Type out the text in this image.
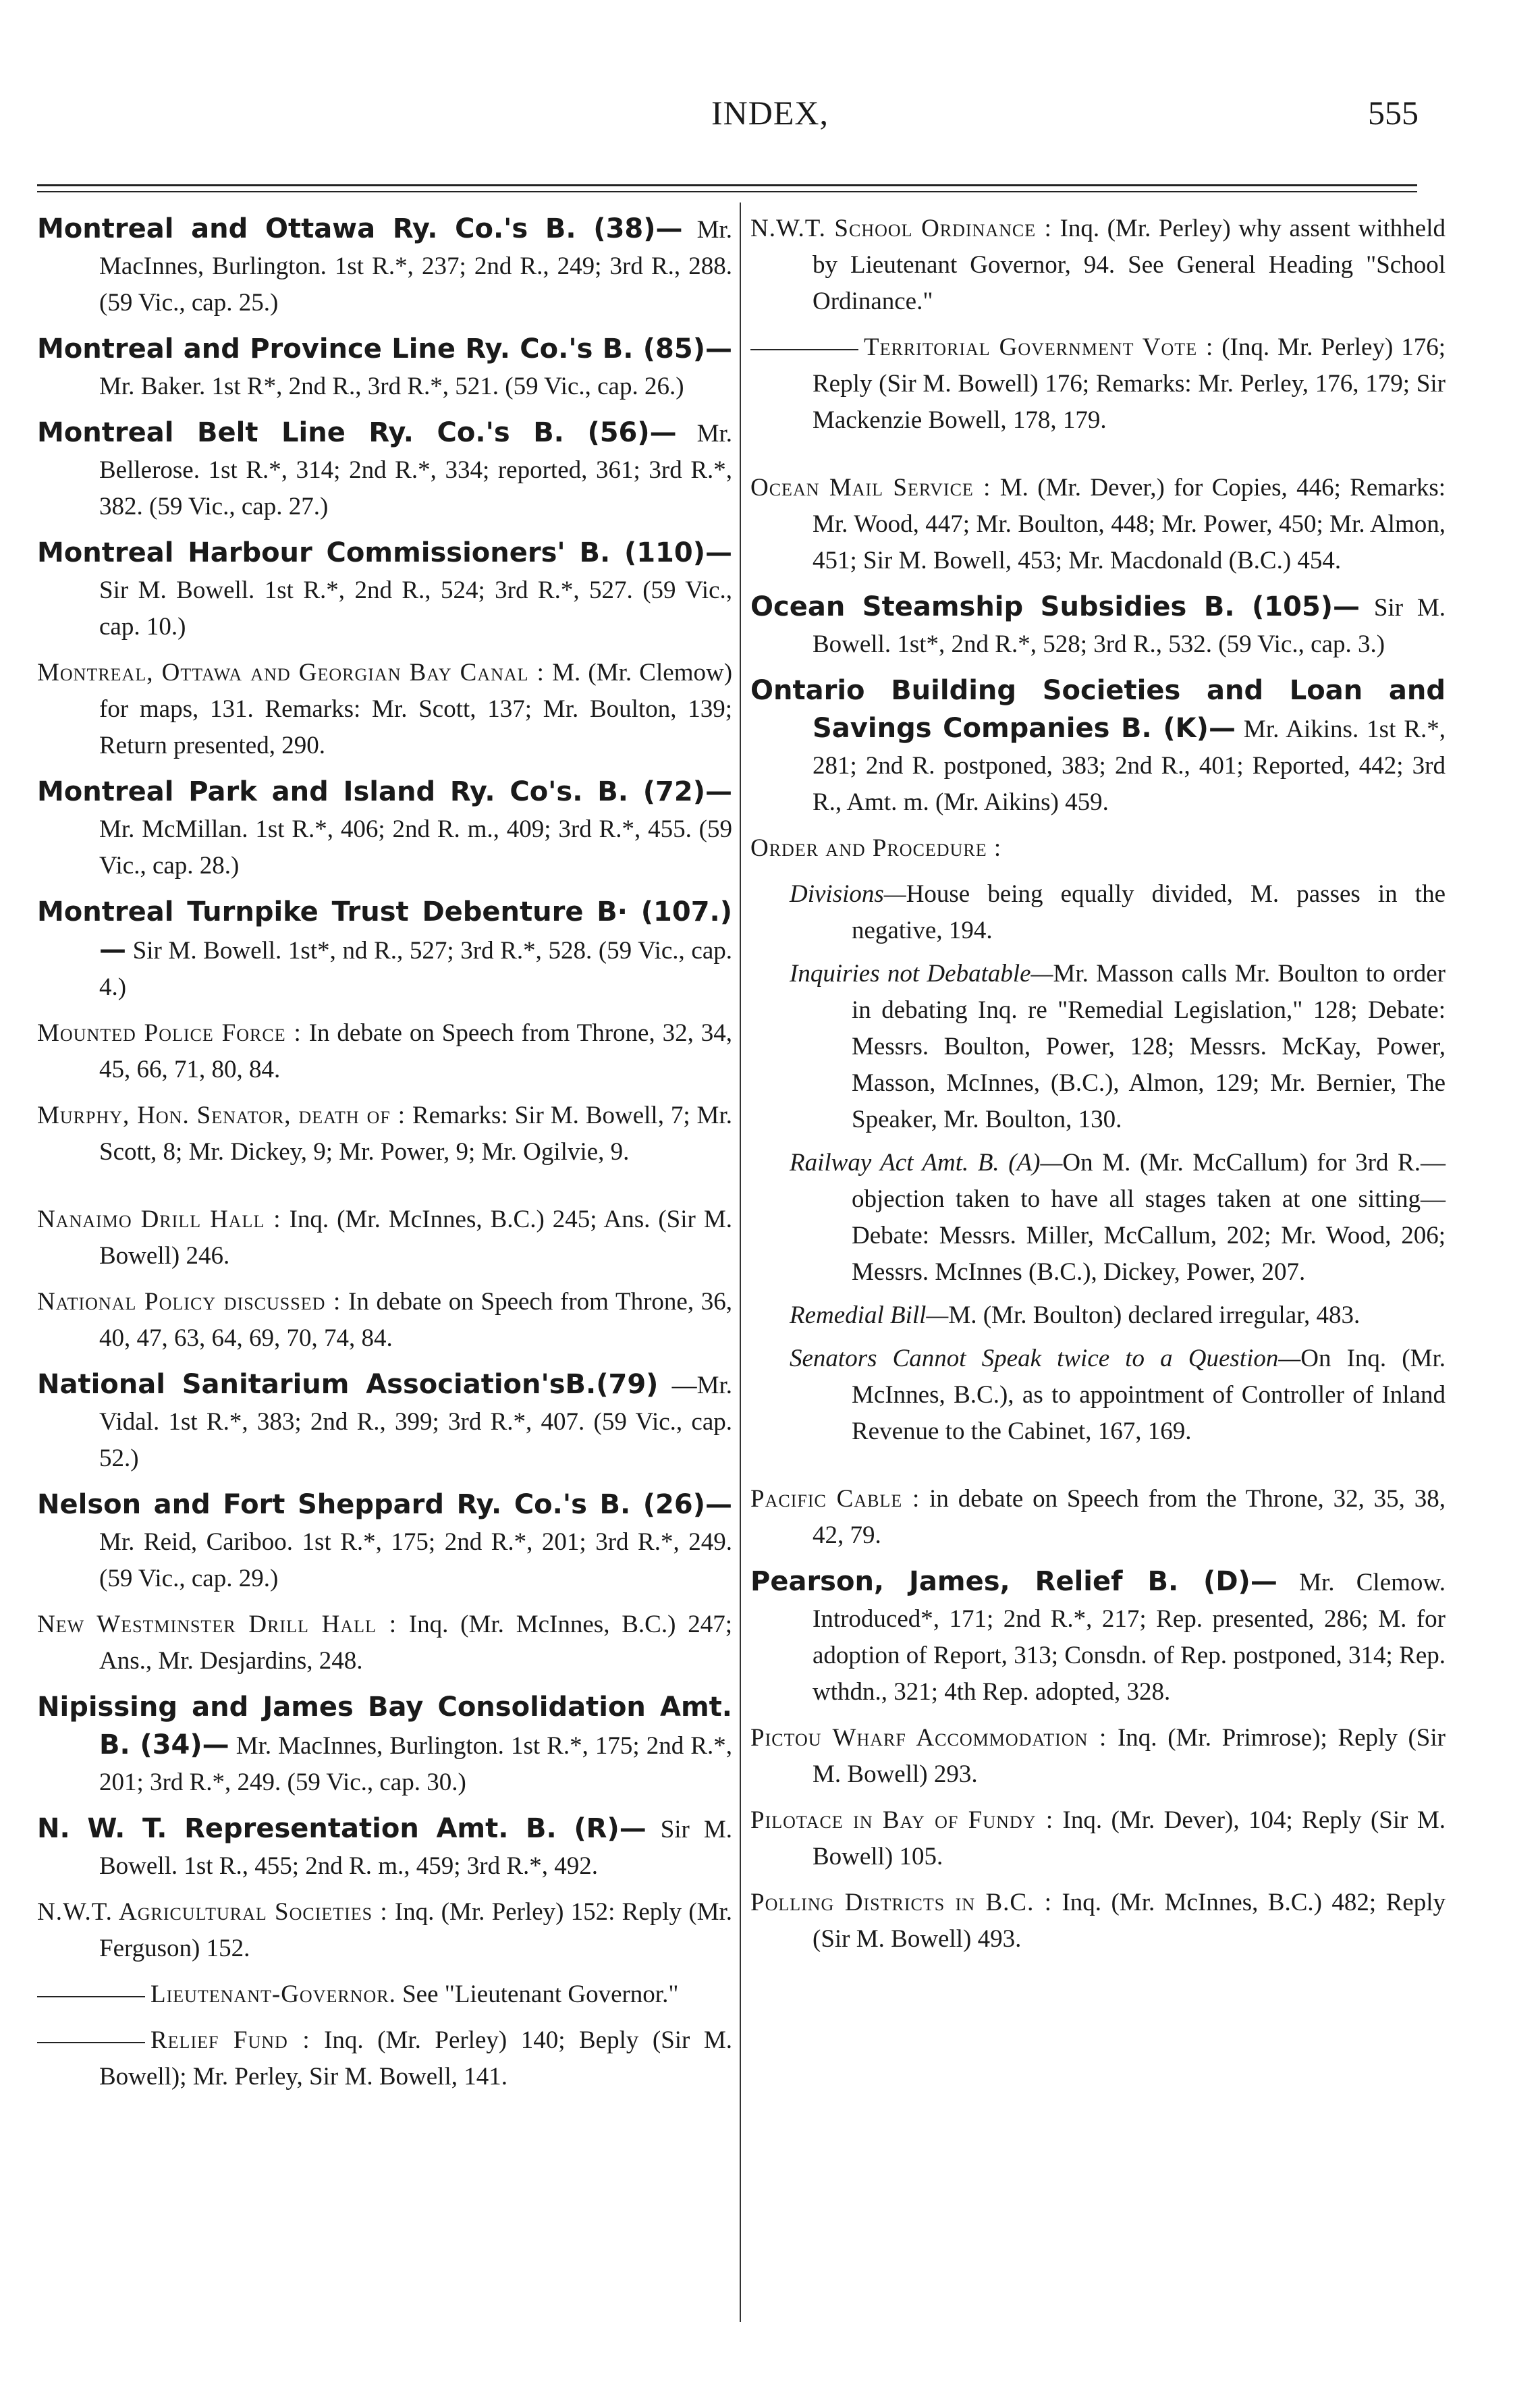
INDEX,	555
Montreal and Ottawa Ry. Co.'s B. (38)— Mr. MacInnes, Burlington. 1st R.*, 237; 2nd R., 249; 3rd R., 288. (59 Vic., cap. 25.)
Montreal and Province Line Ry. Co.'s B. (85)— Mr. Baker. 1st R*, 2nd R., 3rd R.*, 521. (59 Vic., cap. 26.)
Montreal Belt Line Ry. Co.'s B. (56)— Mr. Bellerose. 1st R.*, 314; 2nd R.*, 334; reported, 361; 3rd R.*, 382. (59 Vic., cap. 27.)
Montreal Harbour Commissioners' B. (110)— Sir M. Bowell. 1st R.*, 2nd R., 524; 3rd R.*, 527. (59 Vic., cap. 10.)
Montreal, Ottawa and Georgian Bay Canal : M. (Mr. Clemow) for maps, 131. Remarks: Mr. Scott, 137; Mr. Boulton, 139; Return presented, 290.
Montreal Park and Island Ry. Co's. B. (72)— Mr. McMillan. 1st R.*, 406; 2nd R. m., 409; 3rd R.*, 455. (59 Vic., cap. 28.)
Montreal Turnpike Trust Debenture B· (107.)— Sir M. Bowell. 1st*, nd R., 527; 3rd R.*, 528. (59 Vic., cap. 4.)
Mounted Police Force : In debate on Speech from Throne, 32, 34, 45, 66, 71, 80, 84.
Murphy, Hon. Senator, death of : Remarks: Sir M. Bowell, 7; Mr. Scott, 8; Mr. Dickey, 9; Mr. Power, 9; Mr. Ogilvie, 9.
Nanaimo Drill Hall : Inq. (Mr. McInnes, B.C.) 245; Ans. (Sir M. Bowell) 246.
National Policy discussed : In debate on Speech from Throne, 36, 40, 47, 63, 64, 69, 70, 74, 84.
National Sanitarium Association'sB.(79) —Mr. Vidal. 1st R.*, 383; 2nd R., 399; 3rd R.*, 407. (59 Vic., cap. 52.)
Nelson and Fort Sheppard Ry. Co.'s B. (26)— Mr. Reid, Cariboo. 1st R.*, 175; 2nd R.*, 201; 3rd R.*, 249. (59 Vic., cap. 29.)
New Westminster Drill Hall : Inq. (Mr. McInnes, B.C.) 247; Ans., Mr. Desjardins, 248.
Nipissing and James Bay Consolidation Amt. B. (34)— Mr. MacInnes, Burlington. 1st R.*, 175; 2nd R.*, 201; 3rd R.*, 249. (59 Vic., cap. 30.)
N. W. T. Representation Amt. B. (R)— Sir M. Bowell. 1st R., 455; 2nd R. m., 459; 3rd R.*, 492.
N.W.T. Agricultural Societies : Inq. (Mr. Perley) 152: Reply (Mr. Ferguson) 152.
Lieutenant-Governor. See "Lieutenant Governor."
Relief Fund : Inq. (Mr. Perley) 140; Beply (Sir M. Bowell); Mr. Perley, Sir M. Bowell, 141.
N.W.T. School Ordinance : Inq. (Mr. Perley) why assent withheld by Lieutenant Governor, 94. See General Heading "School Ordinance."
Territorial Government Vote : (Inq. Mr. Perley) 176; Reply (Sir M. Bowell) 176; Remarks: Mr. Perley, 176, 179; Sir Mackenzie Bowell, 178, 179.
Ocean Mail Service : M. (Mr. Dever,) for Copies, 446; Remarks: Mr. Wood, 447; Mr. Boulton, 448; Mr. Power, 450; Mr. Almon, 451; Sir M. Bowell, 453; Mr. Macdonald (B.C.) 454.
Ocean Steamship Subsidies B. (105)— Sir M. Bowell. 1st*, 2nd R.*, 528; 3rd R., 532. (59 Vic., cap. 3.)
Ontario Building Societies and Loan and Savings Companies B. (K)— Mr. Aikins. 1st R.*, 281; 2nd R. postponed, 383; 2nd R., 401; Reported, 442; 3rd R., Amt. m. (Mr. Aikins) 459.
Order and Procedure :
Divisions—House being equally divided, M. passes in the negative, 194.
Inquiries not Debatable—Mr. Masson calls Mr. Boulton to order in debating Inq. re "Remedial Legislation," 128; Debate: Messrs. Boulton, Power, 128; Messrs. McKay, Power, Masson, McInnes, (B.C.), Almon, 129; Mr. Bernier, The Speaker, Mr. Boulton, 130.
Railway Act Amt. B. (A)—On M. (Mr. McCallum) for 3rd R.—objection taken to have all stages taken at one sitting—Debate: Messrs. Miller, McCallum, 202; Mr. Wood, 206; Messrs. McInnes (B.C.), Dickey, Power, 207.
Remedial Bill—M. (Mr. Boulton) declared irregular, 483.
Senators Cannot Speak twice to a Question—On Inq. (Mr. McInnes, B.C.), as to appointment of Controller of Inland Revenue to the Cabinet, 167, 169.
Pacific Cable : in debate on Speech from the Throne, 32, 35, 38, 42, 79.
Pearson, James, Relief B. (D)— Mr. Clemow. Introduced*, 171; 2nd R.*, 217; Rep. presented, 286; M. for adoption of Report, 313; Consdn. of Rep. postponed, 314; Rep. wthdn., 321; 4th Rep. adopted, 328.
Pictou Wharf Accommodation : Inq. (Mr. Primrose); Reply (Sir M. Bowell) 293.
Pilotace in Bay of Fundy : Inq. (Mr. Dever), 104; Reply (Sir M. Bowell) 105.
Polling Districts in B.C. : Inq. (Mr. McInnes, B.C.) 482; Reply (Sir M. Bowell) 493.
